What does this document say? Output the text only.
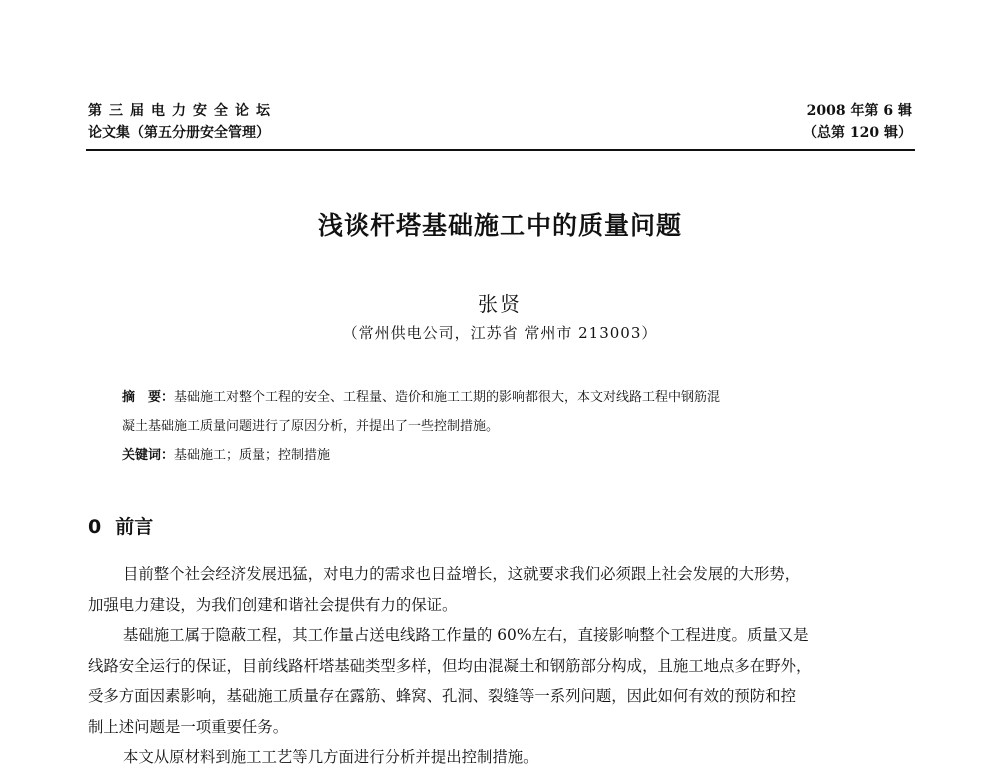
第三届电力安全论坛
论文集（第五分册安全管理）
2008 年第 6 辑
（总第 120 辑）
浅谈杆塔基础施工中的质量问题
张贤
（常州供电公司，江苏省 常州市 213003）
摘　要：基础施工对整个工程的安全、工程量、造价和施工工期的影响都很大，本文对线路工程中钢筋混
凝土基础施工质量问题进行了原因分析，并提出了一些控制措施。
关键词：基础施工；质量；控制措施
0 前言
目前整个社会经济发展迅猛，对电力的需求也日益增长，这就要求我们必须跟上社会发展的大形势，
加强电力建设，为我们创建和谐社会提供有力的保证。
基础施工属于隐蔽工程，其工作量占送电线路工作量的 60%左右，直接影响整个工程进度。质量又是
线路安全运行的保证，目前线路杆塔基础类型多样，但均由混凝土和钢筋部分构成，且施工地点多在野外，
受多方面因素影响，基础施工质量存在露筋、蜂窝、孔洞、裂缝等一系列问题，因此如何有效的预防和控
制上述问题是一项重要任务。
本文从原材料到施工工艺等几方面进行分析并提出控制措施。
